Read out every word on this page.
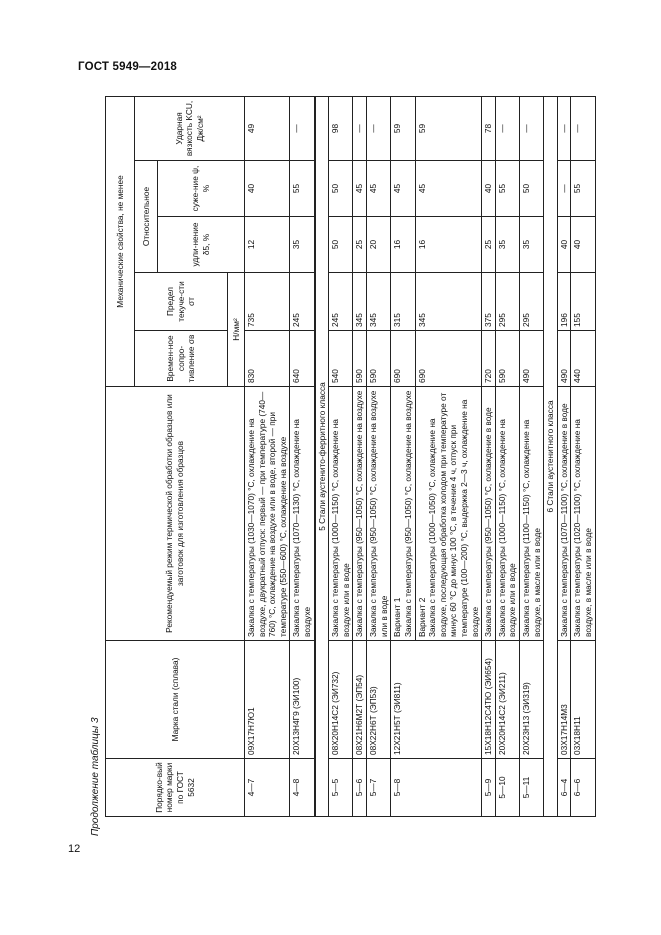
ГОСТ 5949—2018
12
Продолжение таблицы 3	Порядко-вый номер марки по ГОСТ 5632	Марка стали (сплава)	Рекомендуемый режим термической обработки образцов или заготовок для изготовления образцов	Механические свойства, не менее				
			Времен-ное сопро-тивление σв	Предел текуче-сти σт	Относительное		Ударная вязкость KCU, Дж/см²
					удли-нение δ5, %	суже-ние ψ, %	
			Н/мм²				
4—7	09Х17Н7Ю1	Закалка с температуры (1030—1070) °С, охлаждение на воздухе, двукратный отпуск: первый — при температуре (740—760) °С, охлаждение на воздухе или в воде, второй — при температуре (550—600) °С, охлаждение на воздухе	830	735	12	40	49
4—8	20Х13Н4Г9 (ЭИ100)	Закалка с температуры (1070—1130) °С, охлаждение на воздухе	640	245	35	55	—
5 Стали аустенито-ферритного класса							
5—5	08Х20Н14С2 (ЭИ732)	Закалка с температуры (1000—1150) °С, охлаждение на воздухе или в воде	540	245	50	50	98
5—6	08Х21Н6М2Т (ЭП54)	Закалка с температуры (950—1050) °С, охлаждение на воздухе	590	345	25	45	—
5—7	08Х22Н6Т (ЭП53)	Закалка с температуры (950—1050) °С, охлаждение на воздухе или в воде	590	345	20	45	—
5—8	12Х21Н5Т (ЭИ811)	Вариант 1
Закалка с температуры (950—1050) °С, охлаждение на воздухе	690	315	16	45	59
		Вариант 2
Закалка с температуры (1000—1050) °С, охлаждение на воздухе, последующая обработка холодом при температуре от минус 60 °С до минус 100 °С, в течение 4 ч, отпуск при температуре (100—200) °С, выдержка 2—3 ч, охлаждение на воздухе	690	345	16	45	59
5—9	15Х18Н12С4ТЮ (ЭИ654)	Закалка с температуры (950—1050) °С, охлаждение в воде	720	375	25	40	78
5—10	20Х20Н14С2 (ЭИ211)	Закалка с температуры (1000—1150) °С, охлаждение на воздухе или в воде	590	295	35	55	—
5—11	20Х23Н13 (ЭИ319)	Закалка с температуры (1100—1150) °С, охлаждение на воздухе, в масле или в воде	490	295	35	50	—
6 Стали аустенитного класса							
6—4	03Х17Н14М3	Закалка с температуры (1070—1100) °С, охлаждение в воде	490	196	40	—	—
6—6	03Х18Н11	Закалка с температуры (1020—1100) °С, охлаждение на воздухе, в масле или в воде	440	155	40	55	—
